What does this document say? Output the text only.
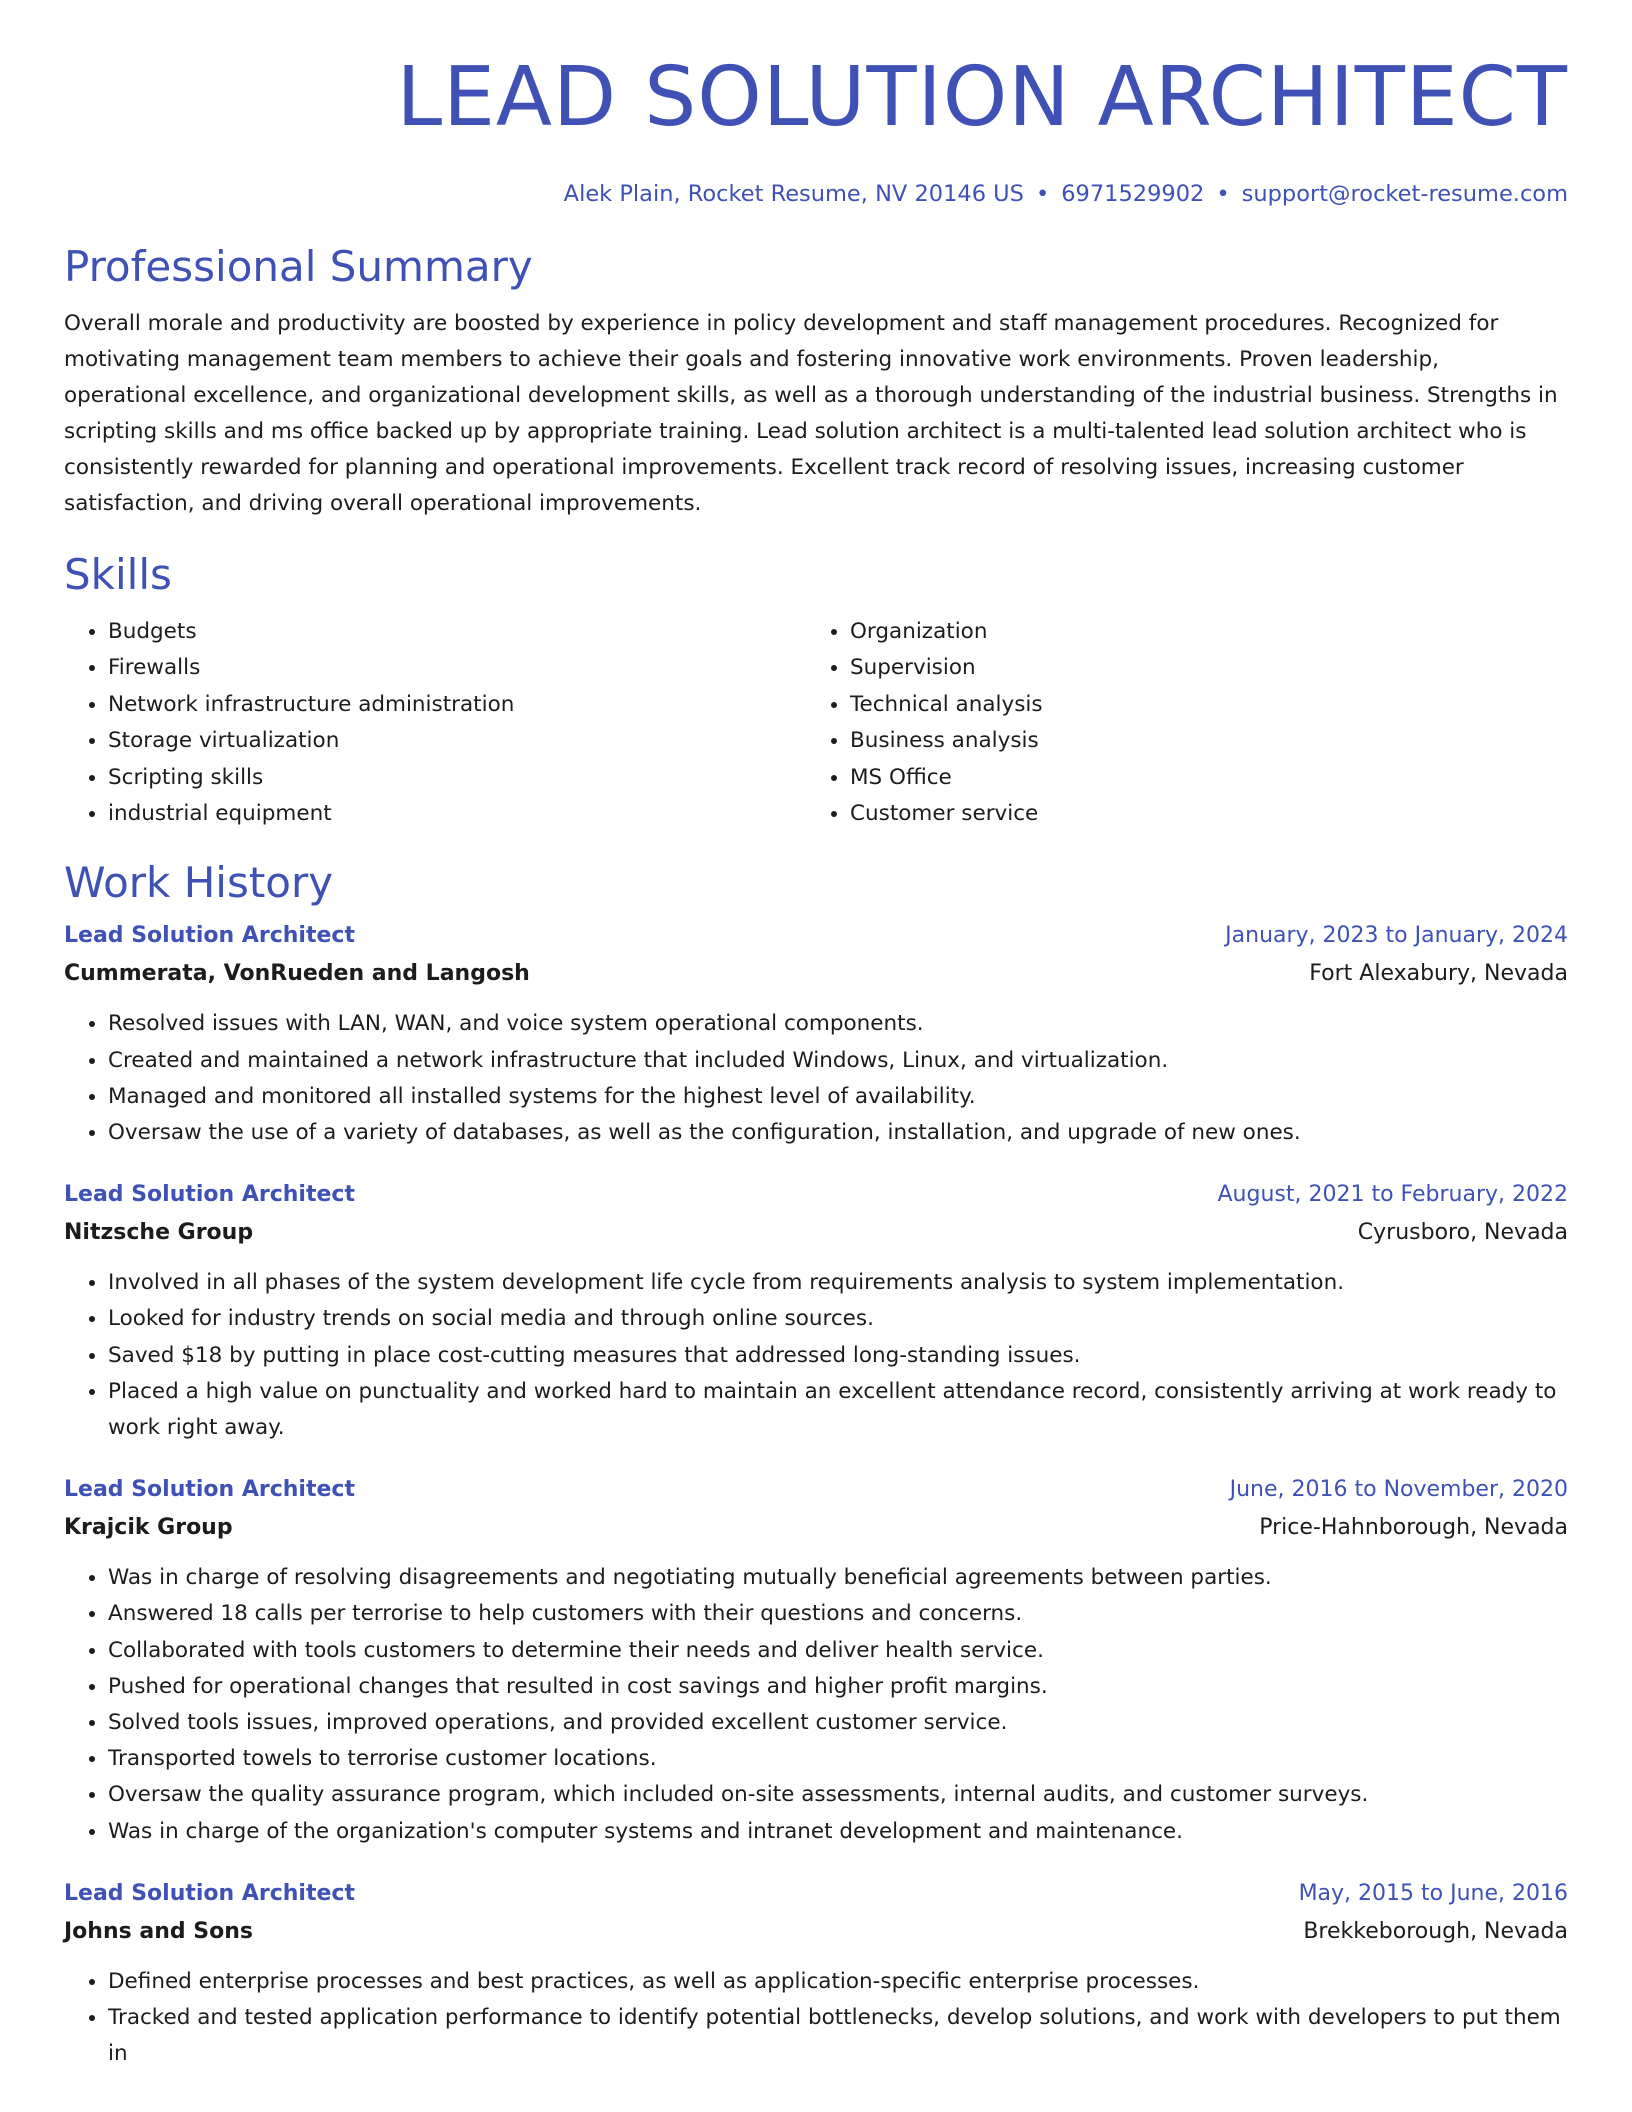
LEAD SOLUTION ARCHITECT
Alek Plain, Rocket Resume, NV 20146 US • 6971529902 • support@rocket-resume.com
Professional Summary

Overall morale and productivity are boosted by experience in policy development and staff management procedures. Recognized for motivating management team members to achieve their goals and fostering innovative work environments. Proven leadership, operational excellence, and organizational development skills, as well as a thorough understanding of the industrial business. Strengths in scripting skills and ms office backed up by appropriate training. Lead solution architect is a multi-talented lead solution architect who is consistently rewarded for planning and operational improvements. Excellent track record of resolving issues, increasing customer satisfaction, and driving overall operational improvements.

Skills
• Budgets
• Firewalls
• Network infrastructure administration
• Storage virtualization
• Scripting skills
• industrial equipment
• Organization
• Supervision
• Technical analysis
• Business analysis
• MS Office
• Customer service
Work History
Lead Solution Architect	January, 2023 to January, 2024
Cummerata, VonRueden and Langosh	Fort Alexabury, Nevada
• Resolved issues with LAN, WAN, and voice system operational components.
• Created and maintained a network infrastructure that included Windows, Linux, and virtualization.
• Managed and monitored all installed systems for the highest level of availability.
• Oversaw the use of a variety of databases, as well as the configuration, installation, and upgrade of new ones.
Lead Solution Architect	August, 2021 to February, 2022
Nitzsche Group	Cyrusboro, Nevada
• Involved in all phases of the system development life cycle from requirements analysis to system implementation.
• Looked for industry trends on social media and through online sources.
• Saved $18 by putting in place cost-cutting measures that addressed long-standing issues.
• Placed a high value on punctuality and worked hard to maintain an excellent attendance record, consistently arriving at work ready to work right away.
Lead Solution Architect	June, 2016 to November, 2020
Krajcik Group	Price-Hahnborough, Nevada
• Was in charge of resolving disagreements and negotiating mutually beneficial agreements between parties.
• Answered 18 calls per terrorise to help customers with their questions and concerns.
• Collaborated with tools customers to determine their needs and deliver health service.
• Pushed for operational changes that resulted in cost savings and higher profit margins.
• Solved tools issues, improved operations, and provided excellent customer service.
• Transported towels to terrorise customer locations.
• Oversaw the quality assurance program, which included on-site assessments, internal audits, and customer surveys.
• Was in charge of the organization's computer systems and intranet development and maintenance.
Lead Solution Architect	May, 2015 to June, 2016
Johns and Sons	Brekkeborough, Nevada
• Defined enterprise processes and best practices, as well as application-specific enterprise processes.
• Tracked and tested application performance to identify potential bottlenecks, develop solutions, and work with developers to put them in
